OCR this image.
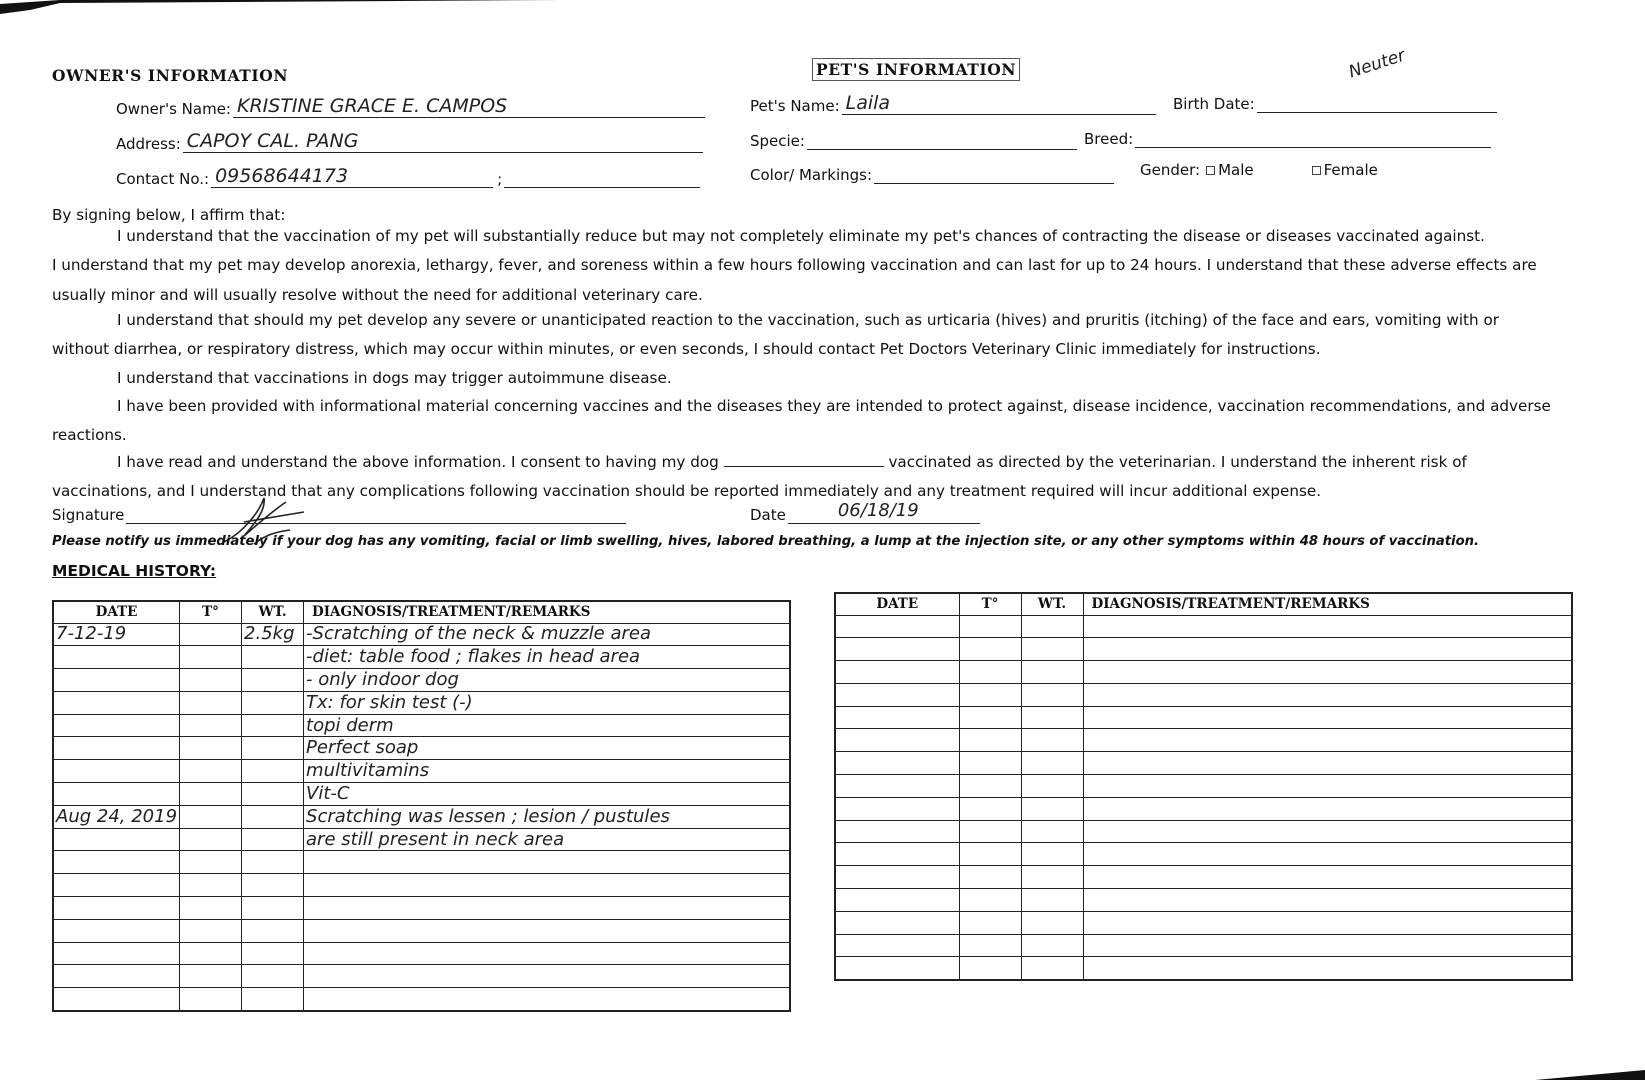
OWNER'S INFORMATION
Owner's Name: KRISTINE GRACE E. CAMPOS
Address: CAPOY CAL. PANG
Contact No.: 09568644173	;
PET'S INFORMATION	Neuter
Pet's Name: Laila	Birth Date:
Specie:	Breed:
Color/ Markings:	Gender:	Male	Female
By signing below, I affirm that:
I understand that the vaccination of my pet will substantially reduce but may not completely eliminate my pet's chances of contracting the disease or diseases vaccinated against.
I understand that my pet may develop anorexia, lethargy, fever, and soreness within a few hours following vaccination and can last for up to 24 hours. I understand that these adverse effects are usually minor and will usually resolve without the need for additional veterinary care.
I understand that should my pet develop any severe or unanticipated reaction to the vaccination, such as urticaria (hives) and pruritis (itching) of the face and ears, vomiting with or without diarrhea, or respiratory distress, which may occur within minutes, or even seconds, I should contact Pet Doctors Veterinary Clinic immediately for instructions.
I understand that vaccinations in dogs may trigger autoimmune disease.
I have been provided with informational material concerning vaccines and the diseases they are intended to protect against, disease incidence, vaccination recommendations, and adverse reactions.
I have read and understand the above information. I consent to having my dog	vaccinated as directed by the veterinarian. I understand the inherent risk of vaccinations, and I understand that any complications following vaccination should be reported immediately and any treatment required will incur additional expense.
Signature	Date	06/18/19
Please notify us immediately if your dog has any vomiting, facial or limb swelling, hives, labored breathing, a lump at the injection site, or any other symptoms within 48 hours of vaccination.
MEDICAL HISTORY:
DATE	T°	WT.	DIAGNOSIS/TREATMENT/REMARKS
7-12-19		2.5kg	-Scratching of the neck & muzzle area
			-diet: table food ; flakes in head area
			- only indoor dog
			Tx: for skin test (-)
			topi derm
			Perfect soap
			multivitamins
			Vit-C
Aug 24, 2019			Scratching was lessen ; lesion / pustules
			are still present in neck area

DATE	T°	WT.	DIAGNOSIS/TREATMENT/REMARKS
